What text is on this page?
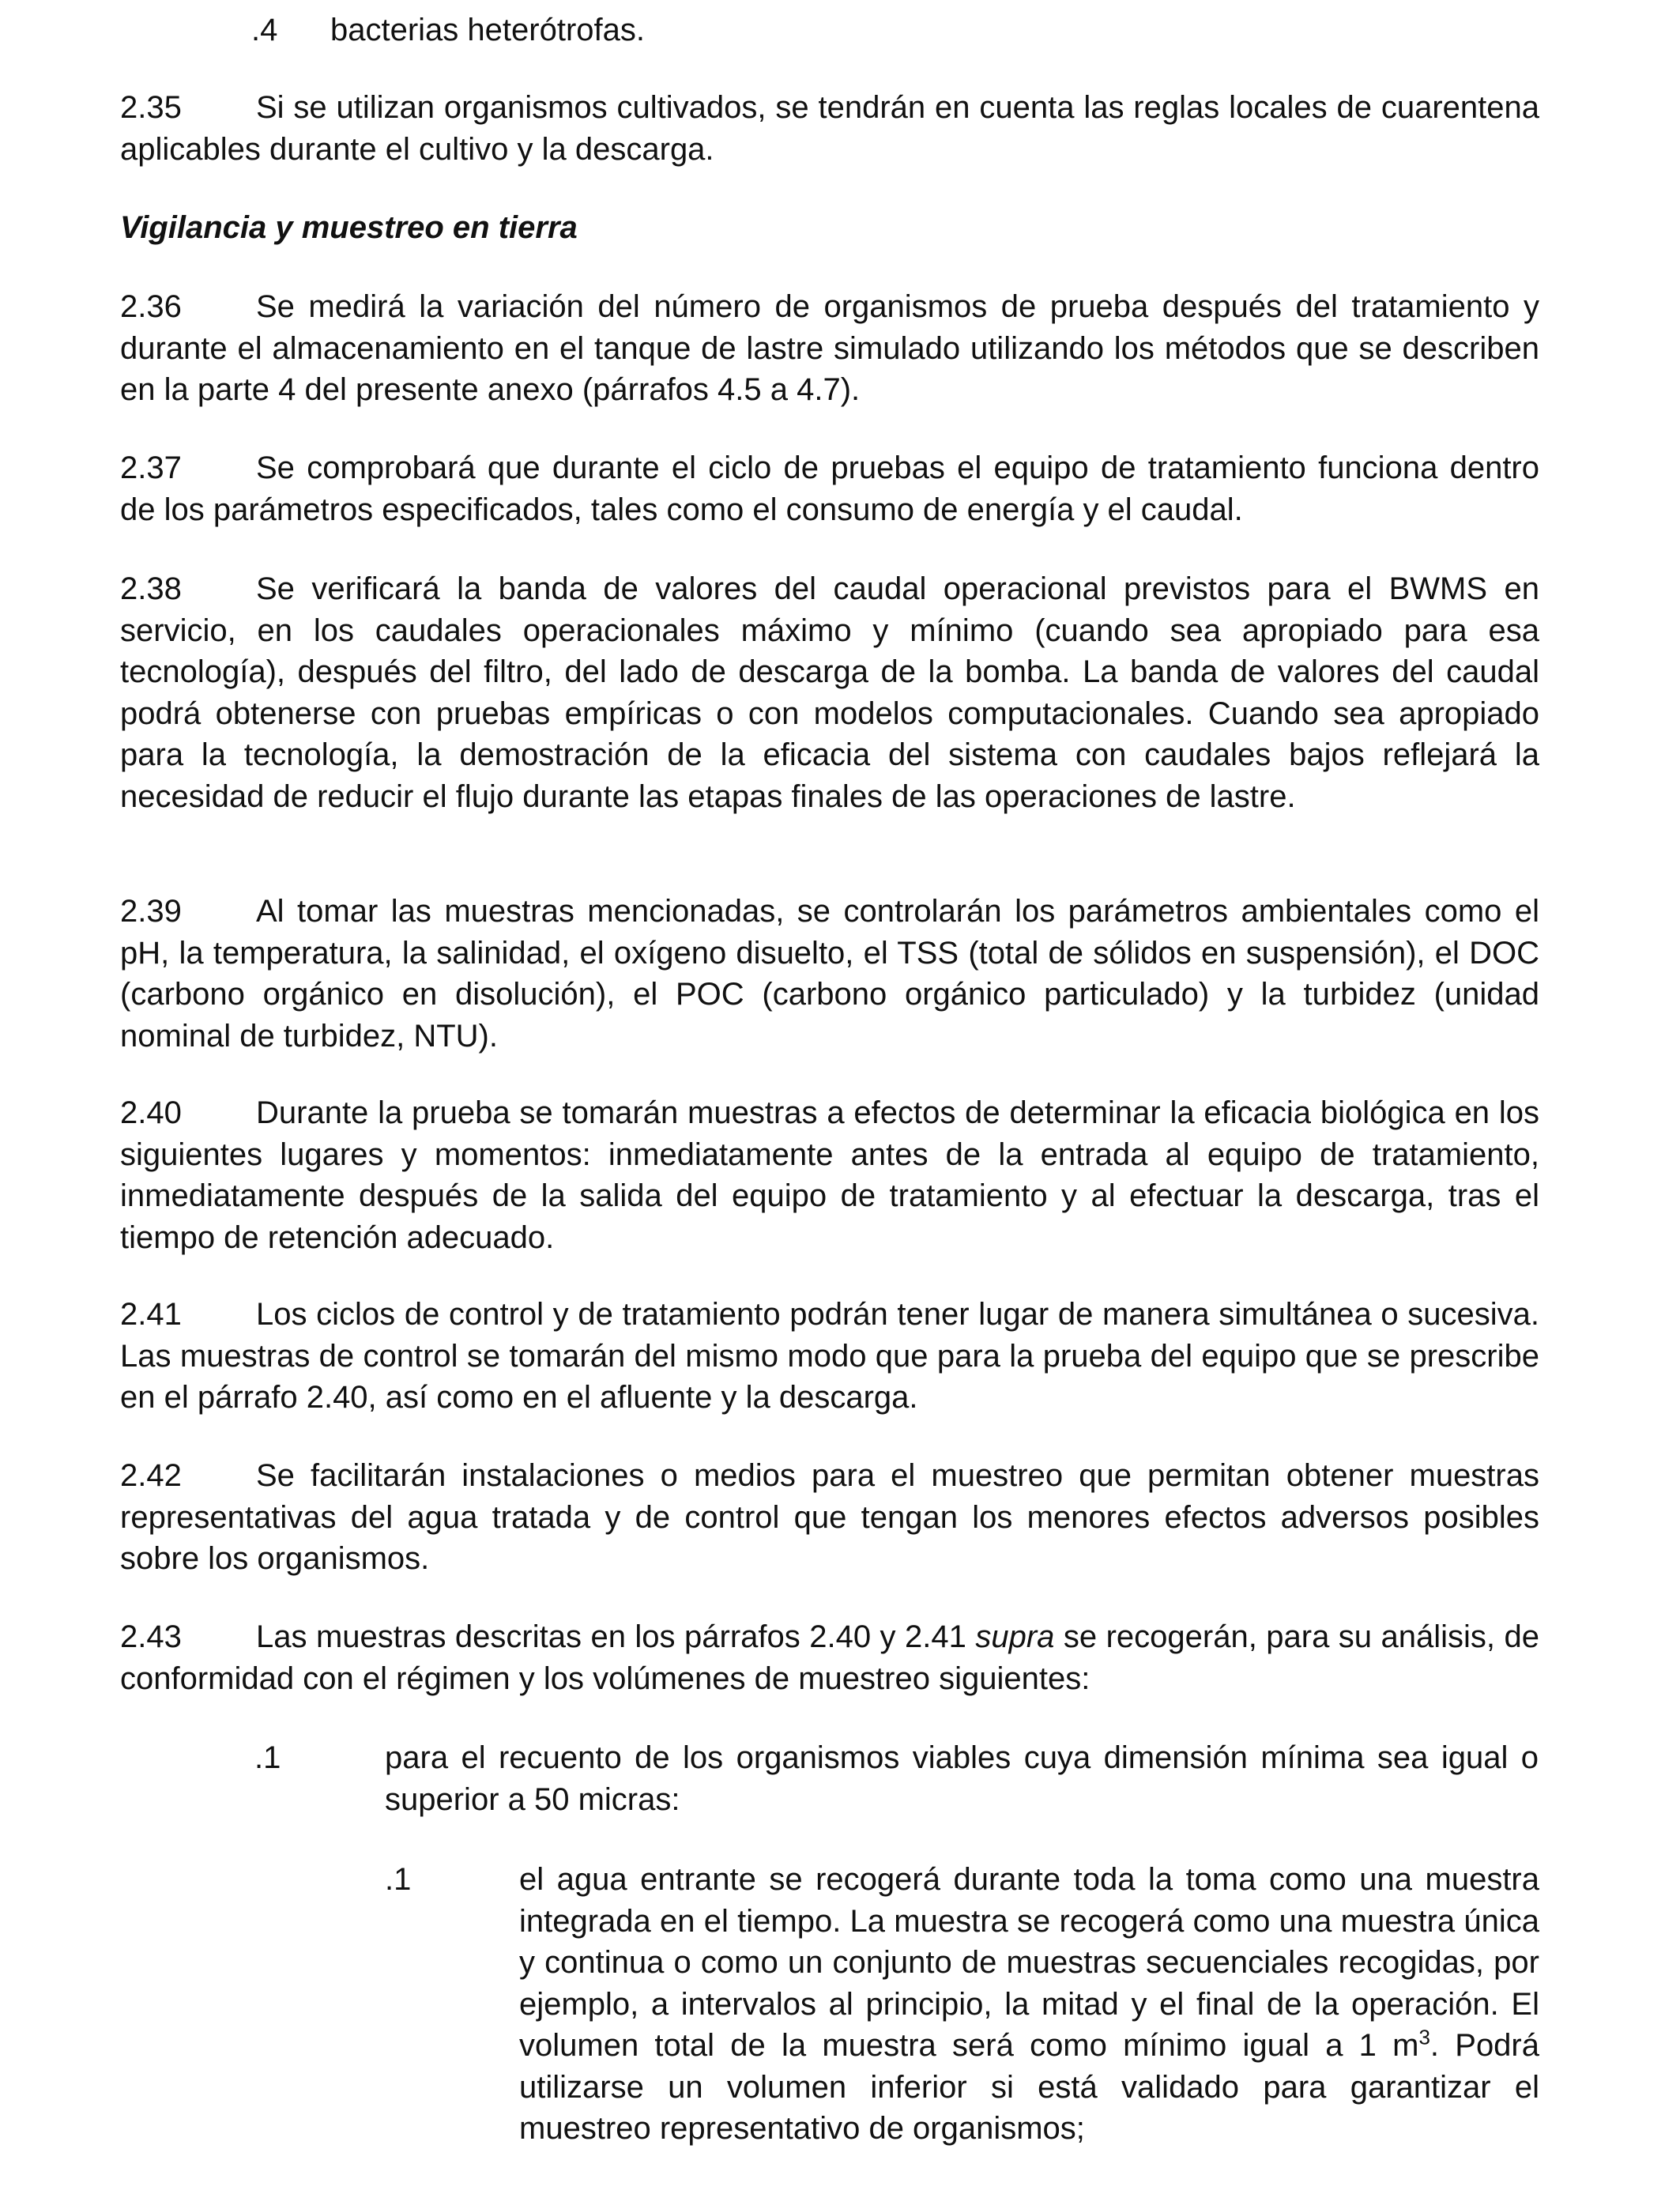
.4 bacterias heterótrofas.
2.35 Si se utilizan organismos cultivados, se tendrán en cuenta las reglas locales de cuarentena aplicables durante el cultivo y la descarga.
Vigilancia y muestreo en tierra
2.36 Se medirá la variación del número de organismos de prueba después del tratamiento y durante el almacenamiento en el tanque de lastre simulado utilizando los métodos que se describen en la parte 4 del presente anexo (párrafos 4.5 a 4.7).
2.37 Se comprobará que durante el ciclo de pruebas el equipo de tratamiento funciona dentro de los parámetros especificados, tales como el consumo de energía y el caudal.
2.38 Se verificará la banda de valores del caudal operacional previstos para el BWMS en servicio, en los caudales operacionales máximo y mínimo (cuando sea apropiado para esa tecnología), después del filtro, del lado de descarga de la bomba. La banda de valores del caudal podrá obtenerse con pruebas empíricas o con modelos computacionales. Cuando sea apropiado para la tecnología, la demostración de la eficacia del sistema con caudales bajos reflejará la necesidad de reducir el flujo durante las etapas finales de las operaciones de lastre.
2.39 Al tomar las muestras mencionadas, se controlarán los parámetros ambientales como el pH, la temperatura, la salinidad, el oxígeno disuelto, el TSS (total de sólidos en suspensión), el DOC (carbono orgánico en disolución), el POC (carbono orgánico particulado) y la turbidez (unidad nominal de turbidez, NTU).
2.40 Durante la prueba se tomarán muestras a efectos de determinar la eficacia biológica en los siguientes lugares y momentos: inmediatamente antes de la entrada al equipo de tratamiento, inmediatamente después de la salida del equipo de tratamiento y al efectuar la descarga, tras el tiempo de retención adecuado.
2.41 Los ciclos de control y de tratamiento podrán tener lugar de manera simultánea o sucesiva. Las muestras de control se tomarán del mismo modo que para la prueba del equipo que se prescribe en el párrafo 2.40, así como en el afluente y la descarga.
2.42 Se facilitarán instalaciones o medios para el muestreo que permitan obtener muestras representativas del agua tratada y de control que tengan los menores efectos adversos posibles sobre los organismos.
2.43 Las muestras descritas en los párrafos 2.40 y 2.41 supra se recogerán, para su análisis, de conformidad con el régimen y los volúmenes de muestreo siguientes:
.1	para el recuento de los organismos viables cuya dimensión mínima sea igual o superior a 50 micras:
.1	el agua entrante se recogerá durante toda la toma como una muestra integrada en el tiempo. La muestra se recogerá como una muestra única y continua o como un conjunto de muestras secuenciales recogidas, por ejemplo, a intervalos al principio, la mitad y el final de la operación. El volumen total de la muestra será como mínimo igual a 1 $m^3$. Podrá utilizarse un volumen inferior si está validado para garantizar el muestreo representativo de organismos;
